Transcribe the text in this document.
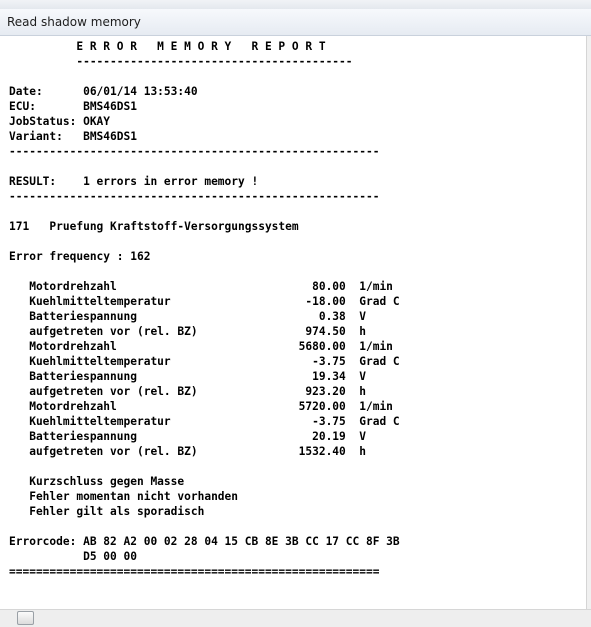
Read shadow memory
E R R O R   M E M O R Y   R E P O R T
-----------------------------------------
Date:      06/01/14 13:53:40
ECU:       BMS46DS1
JobStatus: OKAY
Variant:   BMS46DS1
-------------------------------------------------------
RESULT:    1 errors in error memory !
-------------------------------------------------------
171   Pruefung Kraftstoff-Versorgungssystem
Error frequency : 162
Motordrehzahl                             80.00  1/min
Kuehlmitteltemperatur                    -18.00  Grad C
Batteriespannung                           0.38  V
aufgetreten vor (rel. BZ)                974.50  h
Motordrehzahl                           5680.00  1/min
Kuehlmitteltemperatur                     -3.75  Grad C
Batteriespannung                          19.34  V
aufgetreten vor (rel. BZ)                923.20  h
Motordrehzahl                           5720.00  1/min
Kuehlmitteltemperatur                     -3.75  Grad C
Batteriespannung                          20.19  V
aufgetreten vor (rel. BZ)               1532.40  h
Kurzschluss gegen Masse
Fehler momentan nicht vorhanden
Fehler gilt als sporadisch
Errorcode: AB 82 A2 00 02 28 04 15 CB 8E 3B CC 17 CC 8F 3B
D5 00 00
=======================================================
